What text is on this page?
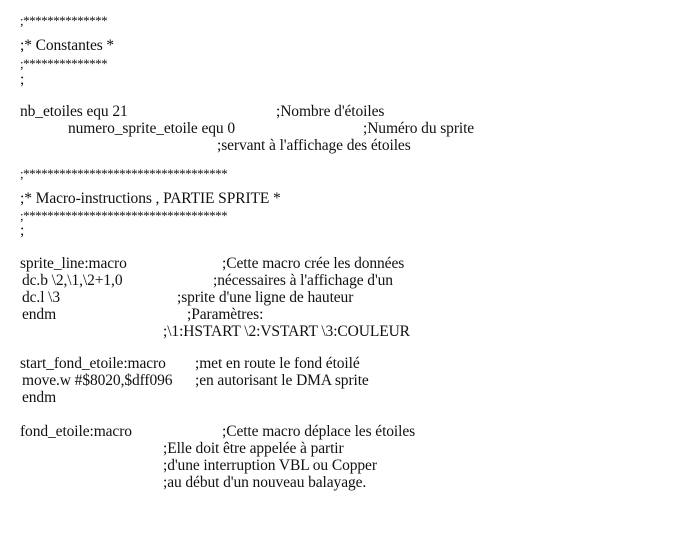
;**************
;* Constantes *
;**************
;
nb_etoiles equ 21	;Nombre d'étoiles
numero_sprite_etoile equ 0	;Numéro du sprite
;servant à l'affichage des étoiles
;**********************************
;* Macro-instructions , PARTIE SPRITE *
;**********************************
;
sprite_line:macro	;Cette macro crée les données
dc.b \2,\1,\2+1,0	;nécessaires à l'affichage d'un
dc.l \3	;sprite d'une ligne de hauteur
endm	;Paramètres:
;\1:HSTART \2:VSTART \3:COULEUR
start_fond_etoile:macro ;met en route le fond étoilé
move.w #$8020,$dff096 ;en autorisant le DMA sprite
endm
fond_etoile:macro	;Cette macro déplace les étoiles
;Elle doit être appelée à partir
;d'une interruption VBL ou Copper
;au début d'un nouveau balayage.
